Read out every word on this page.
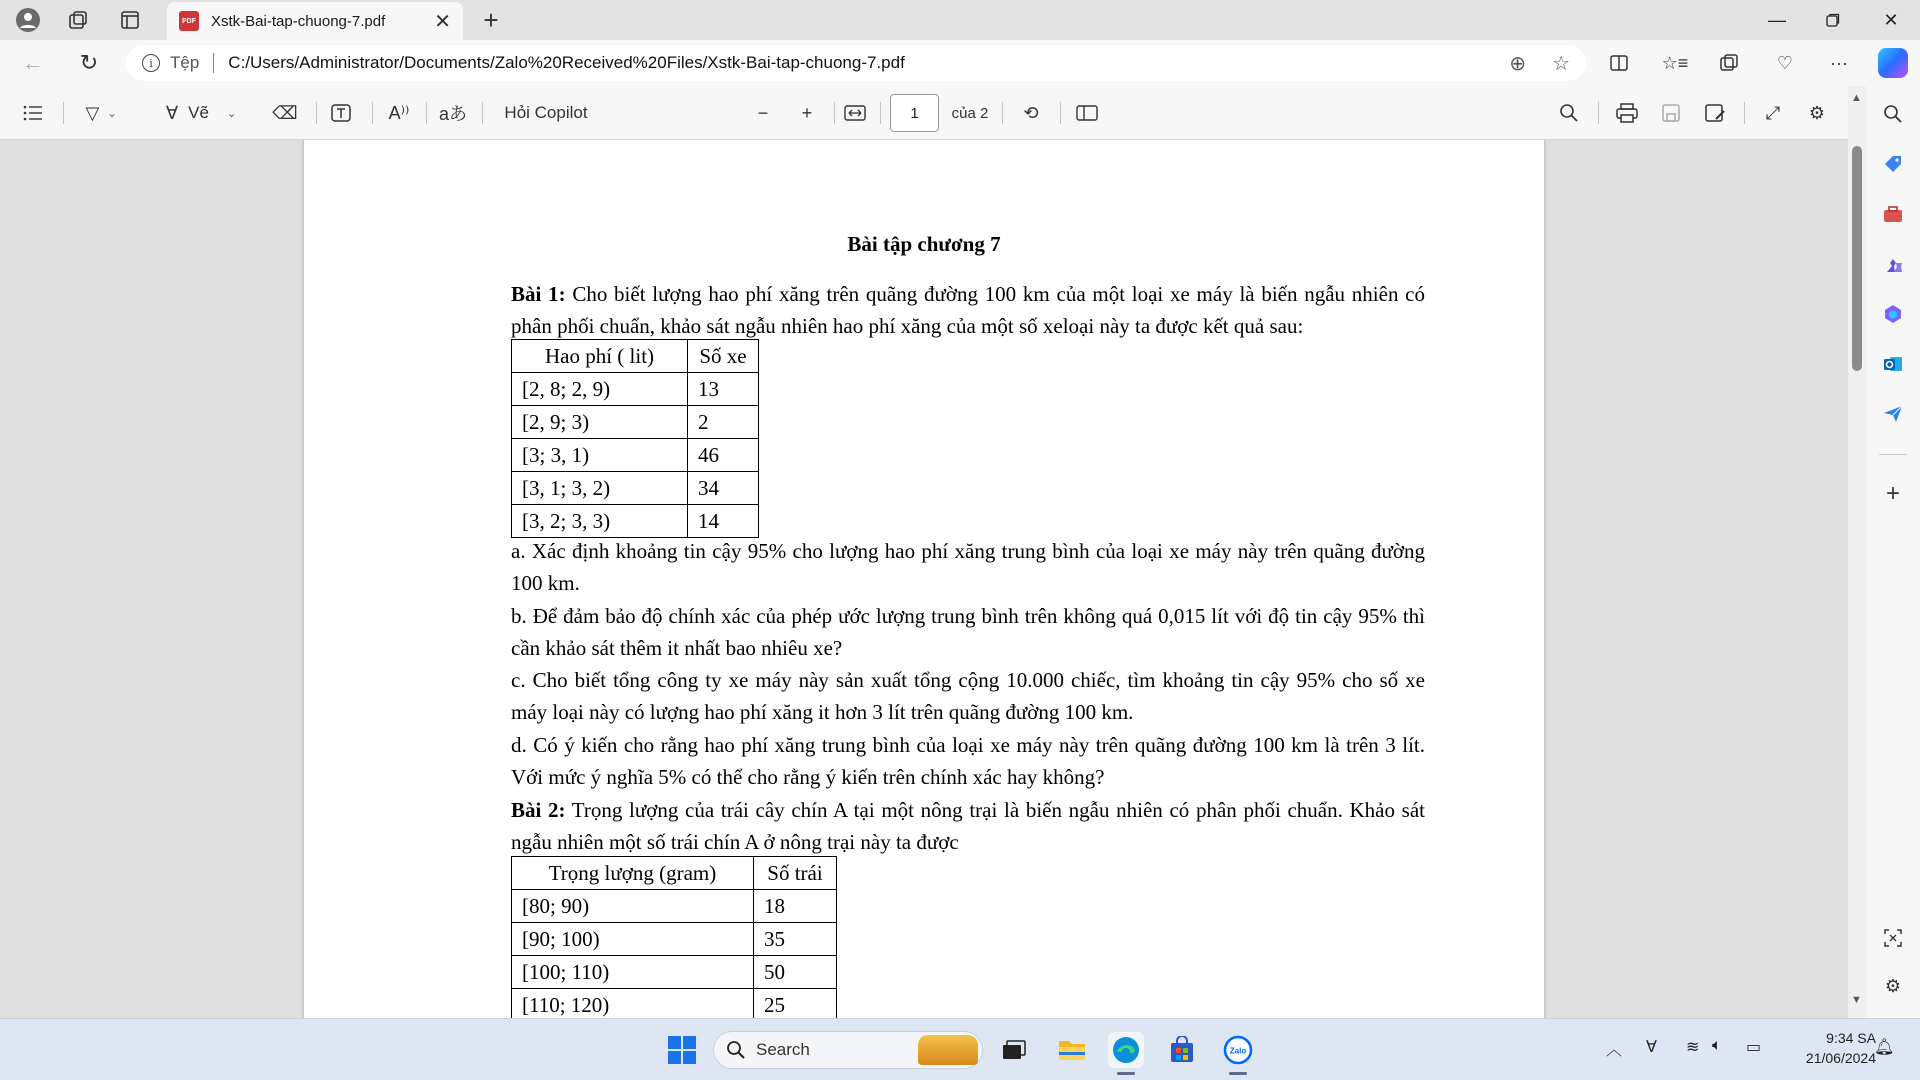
PDF Xstk-Bai-tap-chuong-7.pdf	✕ +	—	✕
← ↻	i	Tệp C:/Users/Administrator/Documents/Zalo%20Received%20Files/Xstk-Bai-tap-chuong-7.pdf	⊕ ☆	☆≡	♡ ···
▽ ⌄	∀ Vẽ ⌄ ⌫	A⁾⁾ aあ Hỏi Copilot	− +	1	của 2 ⟲	⤢ ⚙
Bài tập chương 7
Bài 1: Cho biết lượng hao phí xăng trên quãng đường 100 km của một loại xe máy là biến ngẫu nhiên có phân phối chuẩn, khảo sát ngẫu nhiên hao phí xăng của một số xeloại này ta được kết quả sau:
Hao phí ( lit)	Số xe
[2, 8; 2, 9)	13
[2, 9; 3)	2
[3; 3, 1)	46
[3, 1; 3, 2)	34
[3, 2; 3, 3)	14
a. Xác định khoảng tin cậy 95% cho lượng hao phí xăng trung bình của loại xe máy này trên quãng đường 100 km.
b. Để đảm bảo độ chính xác của phép ước lượng trung bình trên không quá 0,015 lít với độ tin cậy 95% thì cần khảo sát thêm it nhất bao nhiêu xe?
c. Cho biết tổng công ty xe máy này sản xuất tổng cộng 10.000 chiếc, tìm khoảng tin cậy 95% cho số xe máy loại này có lượng hao phí xăng it hơn 3 lít trên quãng đường 100 km.
d. Có ý kiến cho rằng hao phí xăng trung bình của loại xe máy này trên quãng đường 100 km là trên 3 lít. Với mức ý nghĩa 5% có thể cho rằng ý kiến trên chính xác hay không?
Bài 2: Trọng lượng của trái cây chín A tại một nông trại là biến ngẫu nhiên có phân phối chuẩn. Khảo sát ngẫu nhiên một số trái chín A ở nông trại này ta được
Trọng lượng (gram)	Số trái
[80; 90)	18
[90; 100)	35
[100; 110)	50
[110; 120)	25
▲
▼
+
⚙
Search	Zalo	︿ ∀ ≋ 🔈︎ ▭
9:34 SA
21/06/2024
🔔︎
